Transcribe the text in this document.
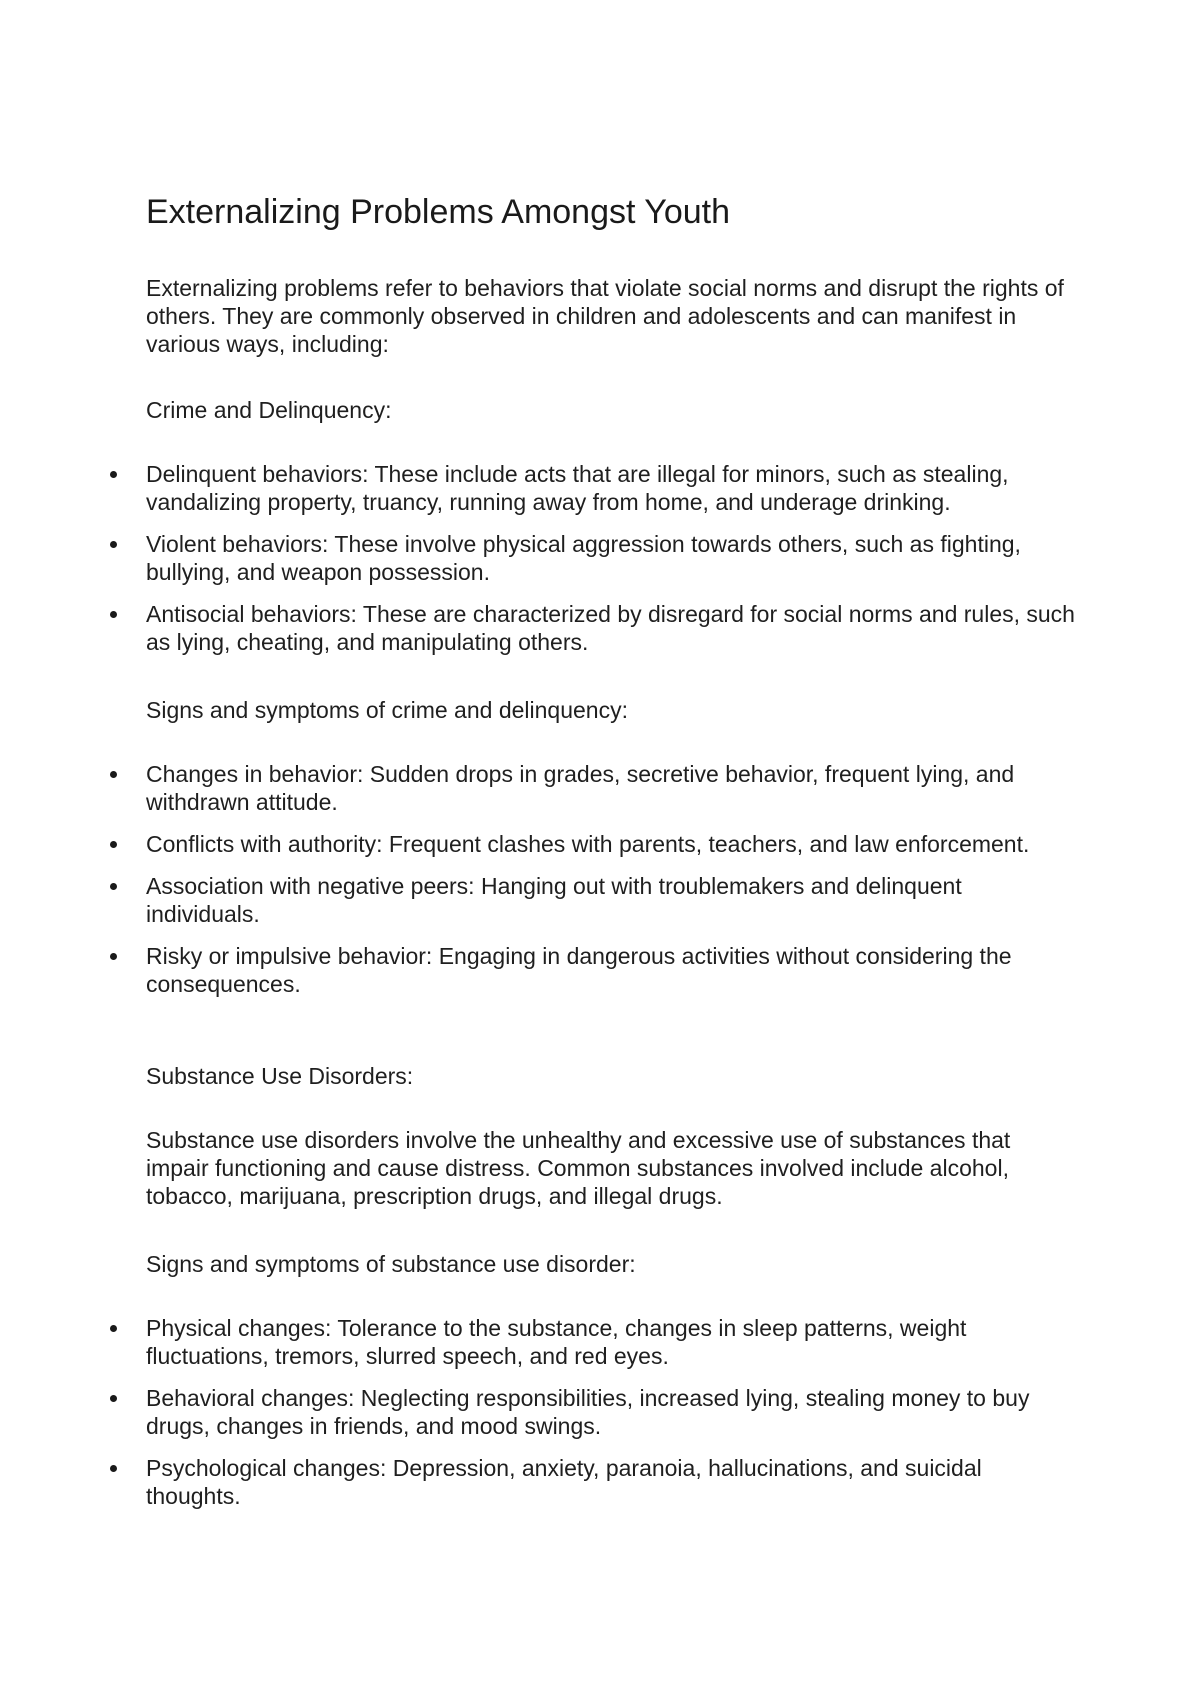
Externalizing Problems Amongst Youth

Externalizing problems refer to behaviors that violate social norms and disrupt the rights of others. They are commonly observed in children and adolescents and can manifest in various ways, including:

Crime and Delinquency:

Delinquent behaviors: These include acts that are illegal for minors, such as stealing, vandalizing property, truancy, running away from home, and underage drinking.
Violent behaviors: These involve physical aggression towards others, such as fighting, bullying, and weapon possession.
Antisocial behaviors: These are characterized by disregard for social norms and rules, such as lying, cheating, and manipulating others.

Signs and symptoms of crime and delinquency:

Changes in behavior: Sudden drops in grades, secretive behavior, frequent lying, and withdrawn attitude.
Conflicts with authority: Frequent clashes with parents, teachers, and law enforcement.
Association with negative peers: Hanging out with troublemakers and delinquent individuals.
Risky or impulsive behavior: Engaging in dangerous activities without considering the consequences.

Substance Use Disorders:

Substance use disorders involve the unhealthy and excessive use of substances that impair functioning and cause distress. Common substances involved include alcohol, tobacco, marijuana, prescription drugs, and illegal drugs.

Signs and symptoms of substance use disorder:

Physical changes: Tolerance to the substance, changes in sleep patterns, weight fluctuations, tremors, slurred speech, and red eyes.
Behavioral changes: Neglecting responsibilities, increased lying, stealing money to buy drugs, changes in friends, and mood swings.
Psychological changes: Depression, anxiety, paranoia, hallucinations, and suicidal thoughts.
